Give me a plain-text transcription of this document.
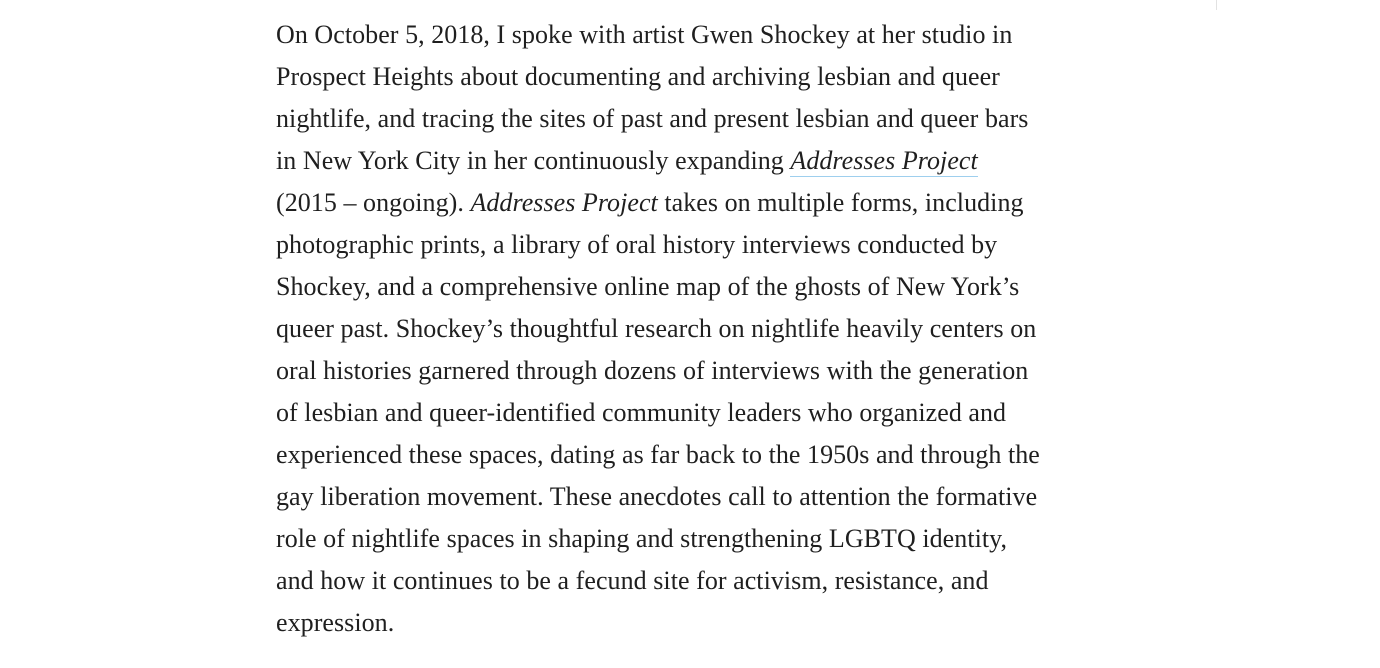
On October 5, 2018, I spoke with artist Gwen Shockey at her studio in
Prospect Heights about documenting and archiving lesbian and queer
nightlife, and tracing the sites of past and present lesbian and queer bars
in New York City in her continuously expanding Addresses Project
(2015 – ongoing). Addresses Project takes on multiple forms, including
photographic prints, a library of oral history interviews conducted by
Shockey, and a comprehensive online map of the ghosts of New York’s
queer past. Shockey’s thoughtful research on nightlife heavily centers on
oral histories garnered through dozens of interviews with the generation
of lesbian and queer-identified community leaders who organized and
experienced these spaces, dating as far back to the 1950s and through the
gay liberation movement. These anecdotes call to attention the formative
role of nightlife spaces in shaping and strengthening LGBTQ identity,
and how it continues to be a fecund site for activism, resistance, and
expression.
